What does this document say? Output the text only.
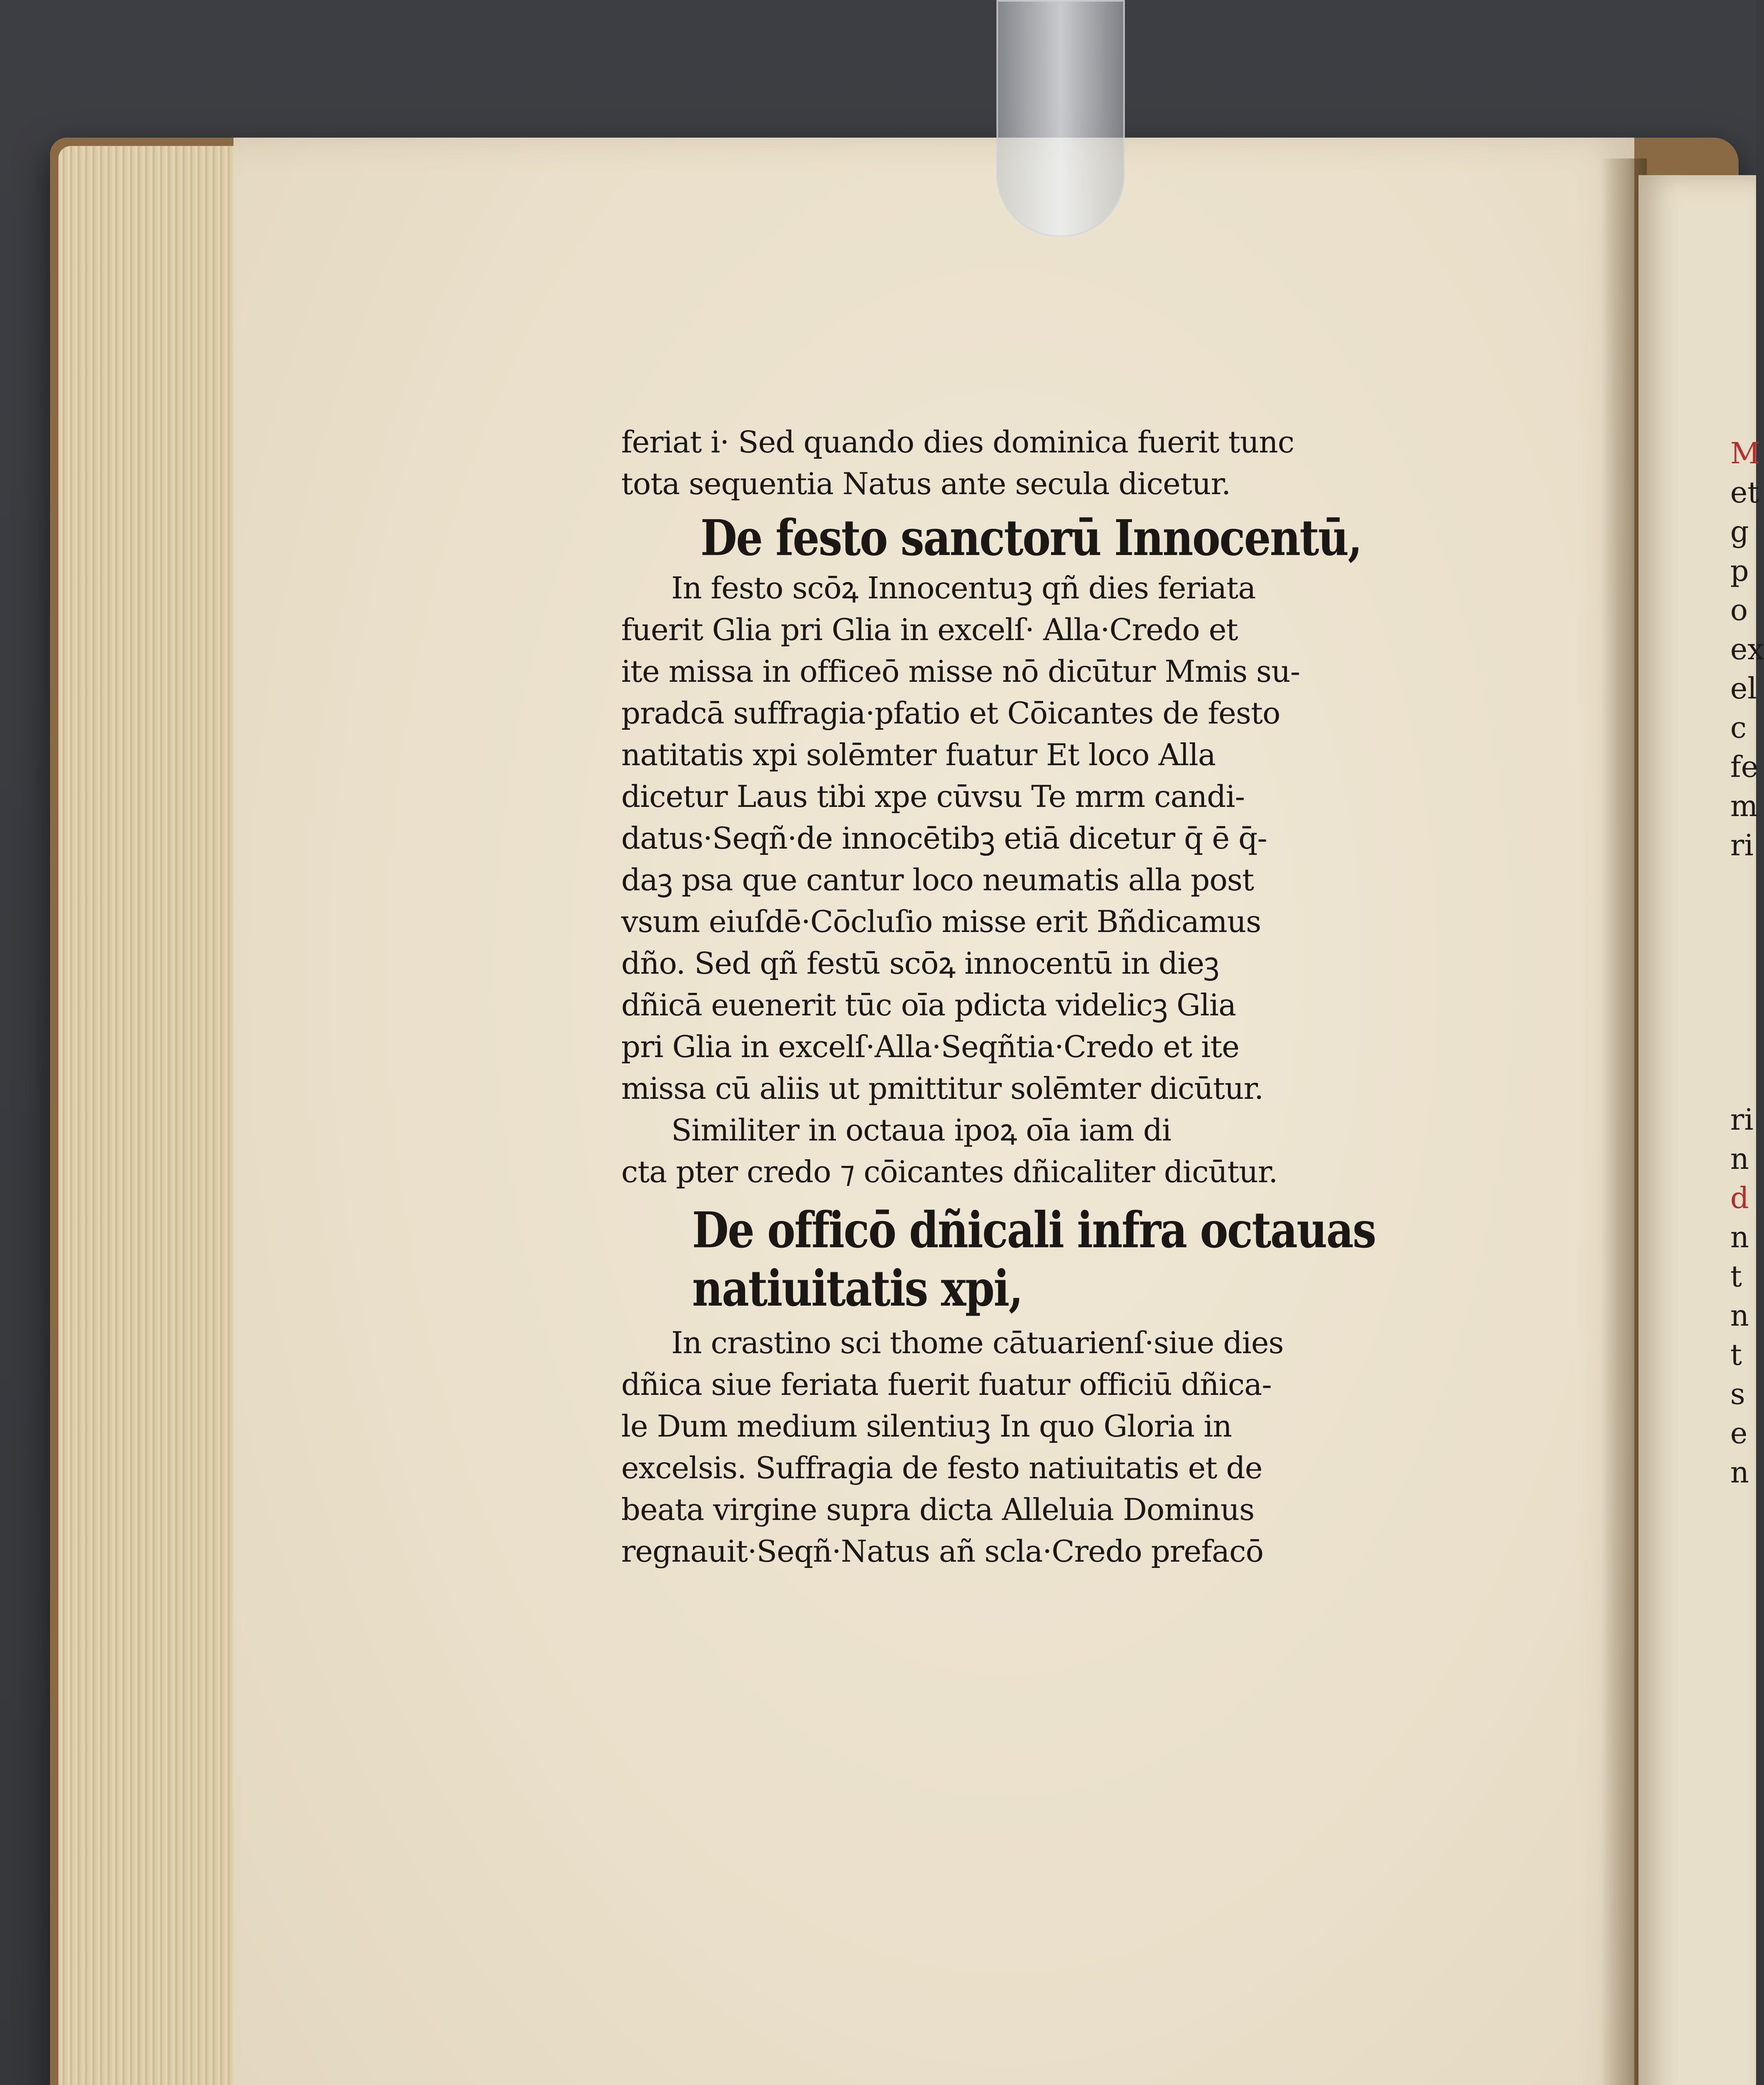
M
et
g
p
o
ex
el
c
fe
m
ri
ri
n
d
n
t
n
t
s
e
n
feriat i· Sed quando dies dominica fuerit tunc
tota sequentia Natus ante secula dicetur.
De festo sanctorū Innocentū,
In festo scōꝝ Innocentuꝫ qñ dies feriata
fuerit Glia pri Glia in excelſ· Alla·Credo et
ite missa in officeō misse nō dicūtur Mmis su-
pradcā suffragia·pfatio et Cōicantes de festo
natitatis xpi solēmter fuatur Et loco Alla
dicetur Laus tibi xpe cūvsu Te mrm candi-
datus·Seqñ·de innocētibꝫ etiā dicetur q̄ ē q̄-
daꝫ psa que cantur loco neumatis alla post
vsum eiuſdē·Cōcluſio misse erit Bñdicamus
dño. Sed qñ festū scōꝝ innocentū in dieꝫ
dñicā euenerit tūc oīa pdicta videlicꝫ Glia
pri Glia in excelſ·Alla·Seqñtia·Credo et ite
missa cū aliis ut pmittitur solēmter dicūtur.
Similiter in octaua ipoꝝ oīa iam di
cta pter credo ⁊ cōicantes dñicaliter dicūtur.
De officō dñicali infra octauas
natiuitatis xpi,
In crastino sci thome cātuarienſ·siue dies
dñica siue feriata fuerit fuatur officiū dñica-
le Dum medium silentiuꝫ In quo Gloria in
excelsis. Suffragia de festo natiuitatis et de
beata virgine supra dicta Alleluia Dominus
regnauit·Seqñ·Natus añ scla·Credo prefacō
